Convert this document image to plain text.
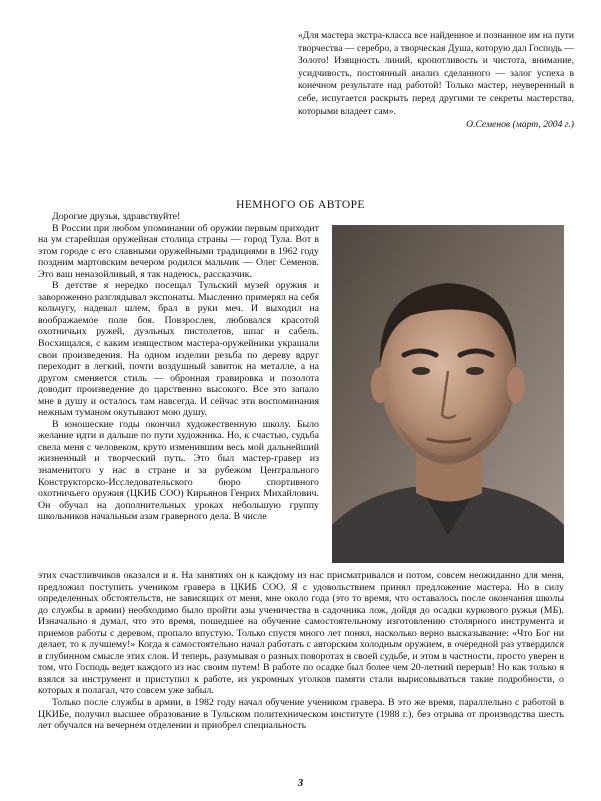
«Для мастера экстра-класса все найденное и познанное им на пути творчества — серебро, а творческая Душа, которую дал Господь — Золото! Изящность линий, кропотливость и чистота, внимание, усидчивость, постоянный анализ сделанного — залог успеха в конечном результате над работой! Только мастер, неуверенный в себе, испугается раскрыть перед другими те секреты мастерства, которыми владеет сам».

О.Семенов (март, 2004 г.)

НЕМНОГО ОБ АВТОРЕ

Дорогие друзья, здравствуйте!

В России при любом упоминании об оружии первым приходит на ум старейшая оружейная столица страны — город Тула. Вот в этом городе с его славными оружейными традициями в 1962 году поздним мартовским вечером родился мальчик — Олег Семенов. Это ваш неназойливый, я так надеюсь, рассказчик.

В детстве я нередко посещал Тульский музей оружия и завороженно разглядывал экспонаты. Мысленно примерял на себя кольчугу, надевал шлем, брал в руки меч. И выходил на воображаемое поле боя. Повзрослев, любовался красотой охотничьих ружей, дуэльных пистолетов, шпаг и сабель. Восхищался, с каким изяществом мастера-оружейники украшали свои произведения. На одном изделии резьба по дереву вдруг переходит в легкий, почти воздушный завиток на металле, а на другом сменяется стиль — обронная гравировка и позолота доводит произведение до царственно высокого. Все это запало мне в душу и осталось там навсегда. И сейчас эти воспоминания нежным туманом окутывают мою душу.

В юношеские годы окончил художественную школу. Было желание идти и дальше по пути художника. Но, к счастью, судьба свела меня с человеком, круто изменившим весь мой дальнейший жизненный и творческий путь. Это был мастер-гравер из знаменитого у нас в стране и за рубежом Центрального Конструкторско-Исследовательского бюро спортивного охотничьего оружия (ЦКИБ СОО) Кирьянов Генрих Михайлович. Он обучал на дополнительных уроках небольшую группу школьников начальным азам граверного дела. В числе

этих счастливчиков оказался и я. На занятиях он к каждому из нас присматривался и потом, совсем неожиданно для меня, предложил поступить учеником гравера в ЦКИБ СОО. Я с удовольствием принял предложение мастера. Но в силу определенных обстоятельств, не зависящих от меня, мне около года (это то время, что оставалось после окончания школы до службы в армии) необходимо было пройти азы ученичества в садочника лож, дойдя до осадки куркового ружья (МБ). Изначально я думал, что это время, пошедшее на обучение самостоятельному изготовлению столярного инструмента и приемов работы с деревом, пропало впустую. Только спустя много лет понял, насколько верно высказывание: «Что Бог ни делает, то к лучшему!» Когда я самостоятельно начал работать с авторским холодным оружием, в очередной раз утвердился в глубинном смысле этих слов. И теперь, разумывая о разных поворотах в своей судьбе, и этом в частности, просто уверен в том, что Господь ведет каждого из нас своим путем! В работе по осадке был более чем 20-летний перерыв! Но как только я взялся за инструмент и приступил к работе, из укромных уголков памяти стали вырисовываться такие подробности, о которых я полагал, что совсем уже забыл.

Только после службы в армии, в 1982 году начал обучение учеником гравера. В это же время, параллельно с работой в ЦКИБе, получил высшее образование в Тульском политехническом институте (1988 г.), без отрыва от производства шесть лет обучался на вечернем отделении и приобрел специальность

3
